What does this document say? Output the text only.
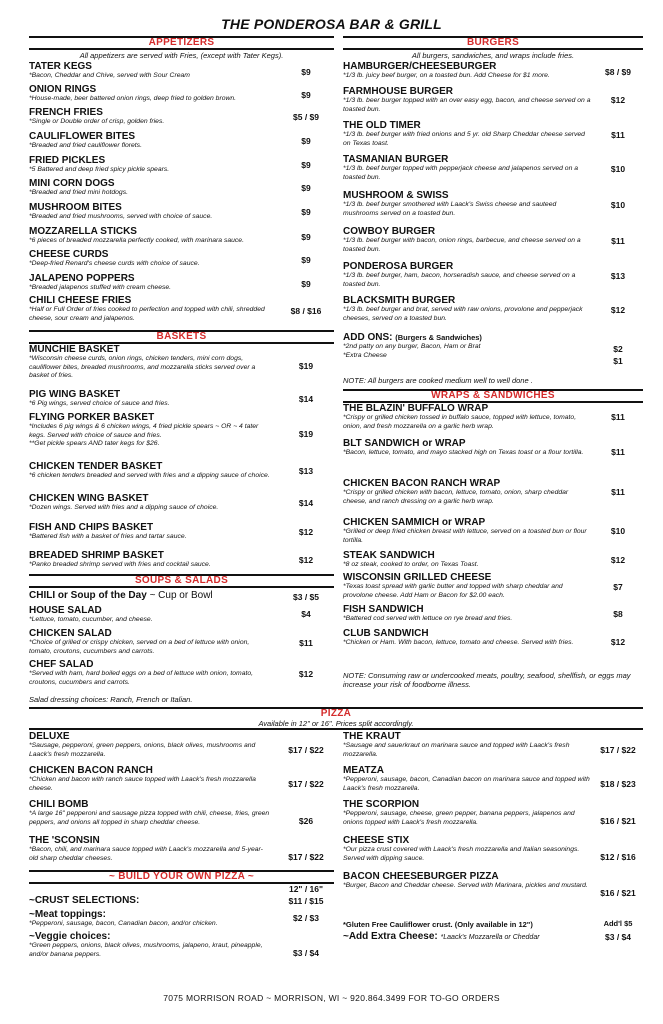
THE PONDEROSA BAR & GRILL
APPETIZERS
All appetizers are served with Fries, (except with Tater Kegs).
TATER KEGS
*Bacon, Cheddar and Chive, served with Sour Cream	$9
ONION RINGS
*House-made, beer battered onion rings, deep fried to golden brown.	$9
FRENCH FRIES
*Single or Double order of crisp, golden fries.	$5 / $9
CAULIFLOWER BITES
*Breaded and fried cauliflower florets.	$9
FRIED PICKLES
*5 Battered and deep fried spicy pickle spears.	$9
MINI CORN DOGS
*Breaded and fried mini hotdogs.	$9
MUSHROOM BITES
*Breaded and fried mushrooms, served with choice of sauce.	$9
MOZZARELLA STICKS
*6 pieces of breaded mozzarella perfectly cooked, with marinara sauce.	$9
CHEESE CURDS
*Deep-fried Renard's cheese curds with choice of sauce.	$9
JALAPENO POPPERS
*Breaded jalapenos stuffed with cream cheese.	$9
CHILI CHEESE FRIES
*Half or Full Order of fries cooked to perfection and topped with chili, shredded cheese, sour cream and jalapenos.
$8 / $16
BASKETS
MUNCHIE BASKET
*Wisconsin cheese curds, onion rings, chicken tenders, mini corn dogs, cauliflower bites, breaded mushrooms, and mozzarella sticks served over a basket of fries.
$19
PIG WING BASKET
*6 Pig wings, served choice of sauce and fries.	$14
FLYING PORKER BASKET
*Includes 6 pig wings & 6 chicken wings, 4 fried pickle spears ~ OR ~ 4 tater kegs. Served with choice of sauce and fries.
**Get pickle spears AND tater kegs for $26.
$19
CHICKEN TENDER BASKET
*6 chicken tenders breaded and served with fries and a dipping sauce of choice.	$13
CHICKEN WING BASKET
*Dozen wings. Served with fries and a dipping sauce of choice.	$14
FISH AND CHIPS BASKET
*Battered fish with a basket of fries and tartar sauce.	$12
BREADED SHRIMP BASKET
*Panko breaded shrimp served with fries and cocktail sauce.	$12
SOUPS & SALADS
CHILI or Soup of the Day ~ Cup or Bowl	$3 / $5
HOUSE SALAD
*Lettuce, tomato, cucumber, and cheese.
$4
CHICKEN SALAD
*Choice of grilled or crispy chicken, served on a bed of lettuce with onion, tomato, croutons, cucumbers and carrots.
$11
CHEF SALAD
*Served with ham, hard boiled eggs on a bed of lettuce with onion, tomato, croutons, cucumbers and carrots.
$12
Salad dressing choices: Ranch, French or Italian.
BURGERS
All burgers, sandwiches, and wraps include fries.
HAMBURGER/CHEESEBURGER
*1/3 lb. juicy beef burger, on a toasted bun. Add Cheese for $1 more.	$8 / $9
FARMHOUSE BURGER
*1/3 lb. beer burger topped with an over easy egg, bacon, and cheese served on a toasted bun.
$12
THE OLD TIMER
*1/3 lb. beef burger with fried onions and 5 yr. old Sharp Cheddar cheese served on Texas toast.
$11
TASMANIAN BURGER
*1/3 lb. beef burger topped with pepperjack cheese and jalapenos served on a toasted bun.
$10
MUSHROOM & SWISS
*1/3 lb. beef burger smothered with Laack's Swiss cheese and sauteed mushrooms served on a toasted bun.
$10
COWBOY BURGER
*1/3 lb. beef burger with bacon, onion rings, barbecue, and cheese served on a toasted bun.
$11
PONDEROSA BURGER
*1/3 lb. beef burger, ham, bacon, horseradish sauce, and cheese served on a toasted bun.
$13
BLACKSMITH BURGER
*1/3 lb. beef burger and brat, served with raw onions, provolone and pepperjack cheeses, served on a toasted bun.
$12
ADD ONS: (Burgers & Sandwiches)
*2nd patty on any burger, Bacon, Ham or Brat
*Extra Cheese
$2
$1
NOTE: All burgers are cooked medium well to well done .
WRAPS & SANDWICHES
THE BLAZIN' BUFFALO WRAP
*Crispy or grilled chicken tossed in buffalo sauce, topped with lettuce, tomato, onion, and fresh mozzarella on a garlic herb wrap.
$11
BLT SANDWICH or WRAP
*Bacon, lettuce, tomato, and mayo stacked high on Texas toast or a flour tortilla.	$11
CHICKEN BACON RANCH WRAP
*Crispy or grilled chicken with bacon, lettuce, tomato, onion, sharp cheddar cheese, and ranch dressing on a garlic herb wrap.
$11
CHICKEN SAMMICH or WRAP
*Grilled or deep fried chicken breast with lettuce, served on a toasted bun or flour tortilla.
$10
STEAK SANDWICH
*8 oz steak, cooked to order, on Texas Toast.	$12
WISCONSIN GRILLED CHEESE
*Texas toast spread with garlic butter and topped with sharp cheddar and provolone cheese. Add Ham or Bacon for $2.00 each.
$7
FISH SANDWICH
*Battered cod served with lettuce on rye bread and fries.	$8
CLUB SANDWICH
*Chicken or Ham. With bacon, lettuce, tomato and cheese. Served with fries.	$12
NOTE: Consuming raw or undercooked meats, poultry, seafood, shellfish, or eggs may increase your risk of foodborne illness.
PIZZA
Available in 12" or 16". Prices split accordingly.
DELUXE
*Sausage, pepperoni, green peppers, onions, black olives, mushrooms and Laack's fresh mozzarella.	$17 / $22
CHICKEN BACON RANCH
*Chicken and bacon with ranch sauce topped with Laack's fresh mozzarella cheese.	$17 / $22
CHILI BOMB
*A large 16" pepperoni and sausage pizza topped with chili, cheese, fries, green peppers, and onions all topped in sharp cheddar cheese.	$26
THE 'SCONSIN
*Bacon, chili, and marinara sauce topped with Laack's mozzarella and 5-year-old sharp cheddar cheeses.	$17 / $22
THE KRAUT
*Sausage and sauerkraut on marinara sauce and topped with Laack's fresh mozzarella.	$17 / $22
MEATZA
*Pepperoni, sausage, bacon, Canadian bacon on marinara sauce and topped with Laack's fresh mozzarella.	$18 / $23
THE SCORPION
*Pepperoni, sausage, cheese, green pepper, banana peppers, jalapenos and onions topped with Laack's fresh mozzarella.	$16 / $21
CHEESE STIX
*Our pizza crust covered with Laack's fresh mozzarella and Italian seasonings. Served with dipping sauce.	$12 / $16
BACON CHEESEBURGER PIZZA
*Burger, Bacon and Cheddar cheese. Served with Marinara, pickles and mustard.
$16 / $21
~ BUILD YOUR OWN PIZZA ~
12" / 16"
~CRUST SELECTIONS:	$11 / $15
~Meat toppings:
*Pepperoni, sausage, bacon, Canadian bacon, and/or chicken.
$2 / $3
~Veggie choices:
*Green peppers, onions, black olives, mushrooms, jalapeno, kraut, pineapple, and/or banana peppers.	$3 / $4
*Gluten Free Cauliflower crust. (Only available in 12")	Add'l $5
~Add Extra Cheese: *Laack's Mozzarella or Cheddar	$3 / $4
7075 MORRISON ROAD ~ MORRISON, WI ~ 920.864.3499 FOR TO-GO ORDERS
